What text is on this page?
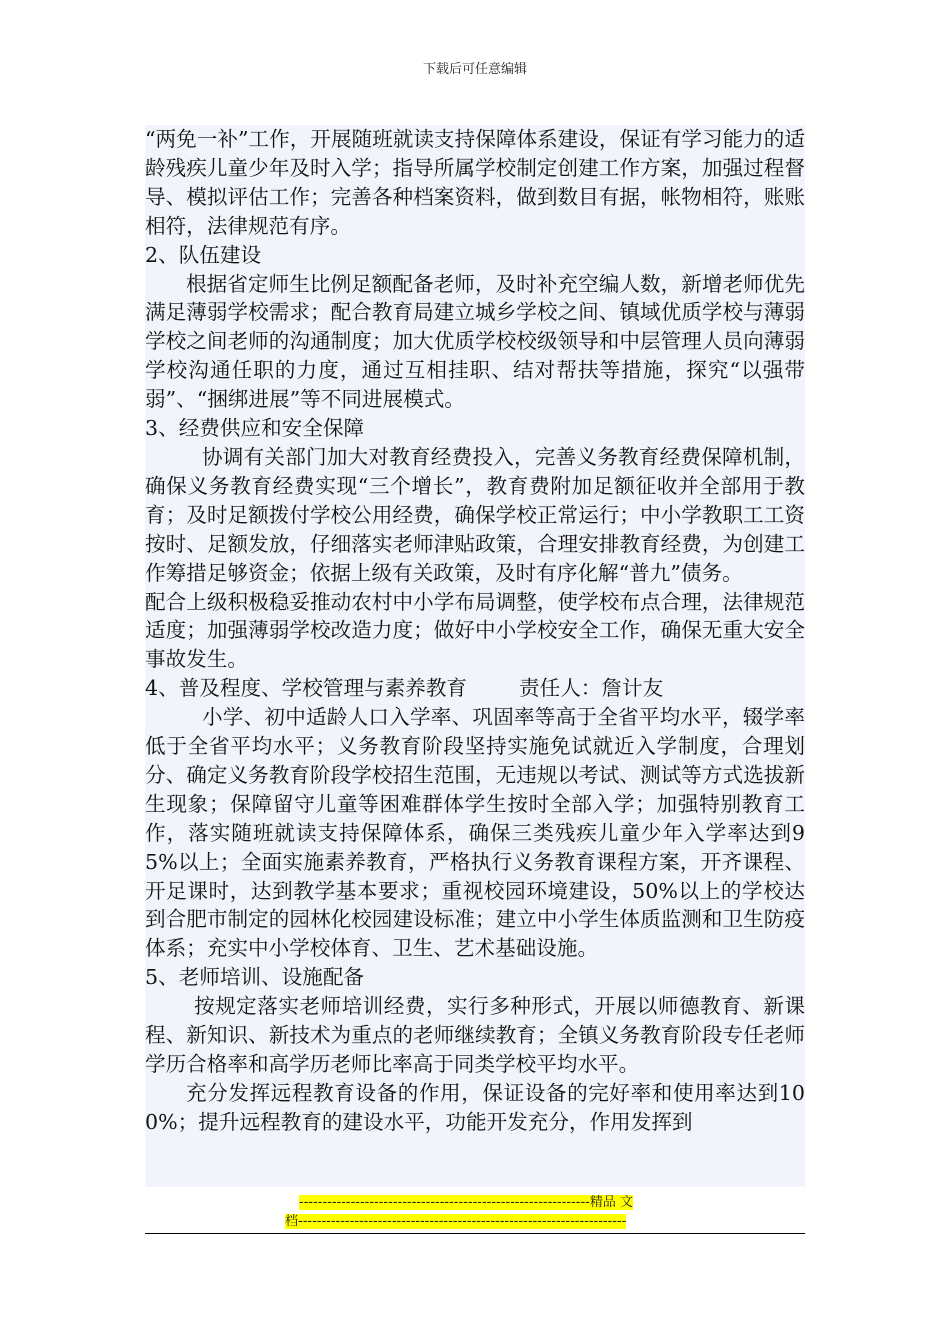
下载后可任意编辑

“两免一补”工作，开展随班就读支持保障体系建设，保证有学习能力的适龄残疾儿童少年及时入学；指导所属学校制定创建工作方案，加强过程督导、模拟评估工作；完善各种档案资料，做到数目有据，帐物相符，账账相符，法律规范有序。

2、队伍建设

根据省定师生比例足额配备老师，及时补充空编人数，新增老师优先满足薄弱学校需求；配合教育局建立城乡学校之间、镇域优质学校与薄弱学校之间老师的沟通制度；加大优质学校校级领导和中层管理人员向薄弱学校沟通任职的力度，通过互相挂职、结对帮扶等措施，探究“以强带弱”、“捆绑进展”等不同进展模式。

3、经费供应和安全保障

协调有关部门加大对教育经费投入，完善义务教育经费保障机制，确保义务教育经费实现“三个增长”，教育费附加足额征收并全部用于教育；及时足额拨付学校公用经费，确保学校正常运行；中小学教职工工资按时、足额发放，仔细落实老师津贴政策，合理安排教育经费，为创建工作筹措足够资金；依据上级有关政策，及时有序化解“普九”债务。

配合上级积极稳妥推动农村中小学布局调整，使学校布点合理，法律规范适度；加强薄弱学校改造力度；做好中小学校安全工作，确保无重大安全事故发生。

4、普及程度、学校管理与素养教育	责任人：詹计友

小学、初中适龄人口入学率、巩固率等高于全省平均水平，辍学率低于全省平均水平；义务教育阶段坚持实施免试就近入学制度，合理划分、确定义务教育阶段学校招生范围，无违规以考试、测试等方式选拔新生现象；保障留守儿童等困难群体学生按时全部入学；加强特别教育工作，落实随班就读支持保障体系，确保三类残疾儿童少年入学率达到95%以上；全面实施素养教育，严格执行义务教育课程方案，开齐课程、开足课时，达到教学基本要求；重视校园环境建设，50%以上的学校达到合肥市制定的园林化校园建设标准；建立中小学生体质监测和卫生防疫体系；充实中小学校体育、卫生、艺术基础设施。

5、老师培训、设施配备

按规定落实老师培训经费，实行多种形式，开展以师德教育、新课程、新知识、新技术为重点的老师继续教育；全镇义务教育阶段专任老师学历合格率和高学历老师比率高于同类学校平均水平。

充分发挥远程教育设备的作用，保证设备的完好率和使用率达到100%；提升远程教育的建设水平，功能开发充分，作用发挥到

--------------------------------------------------------------精品 文
档----------------------------------------------------------------------
